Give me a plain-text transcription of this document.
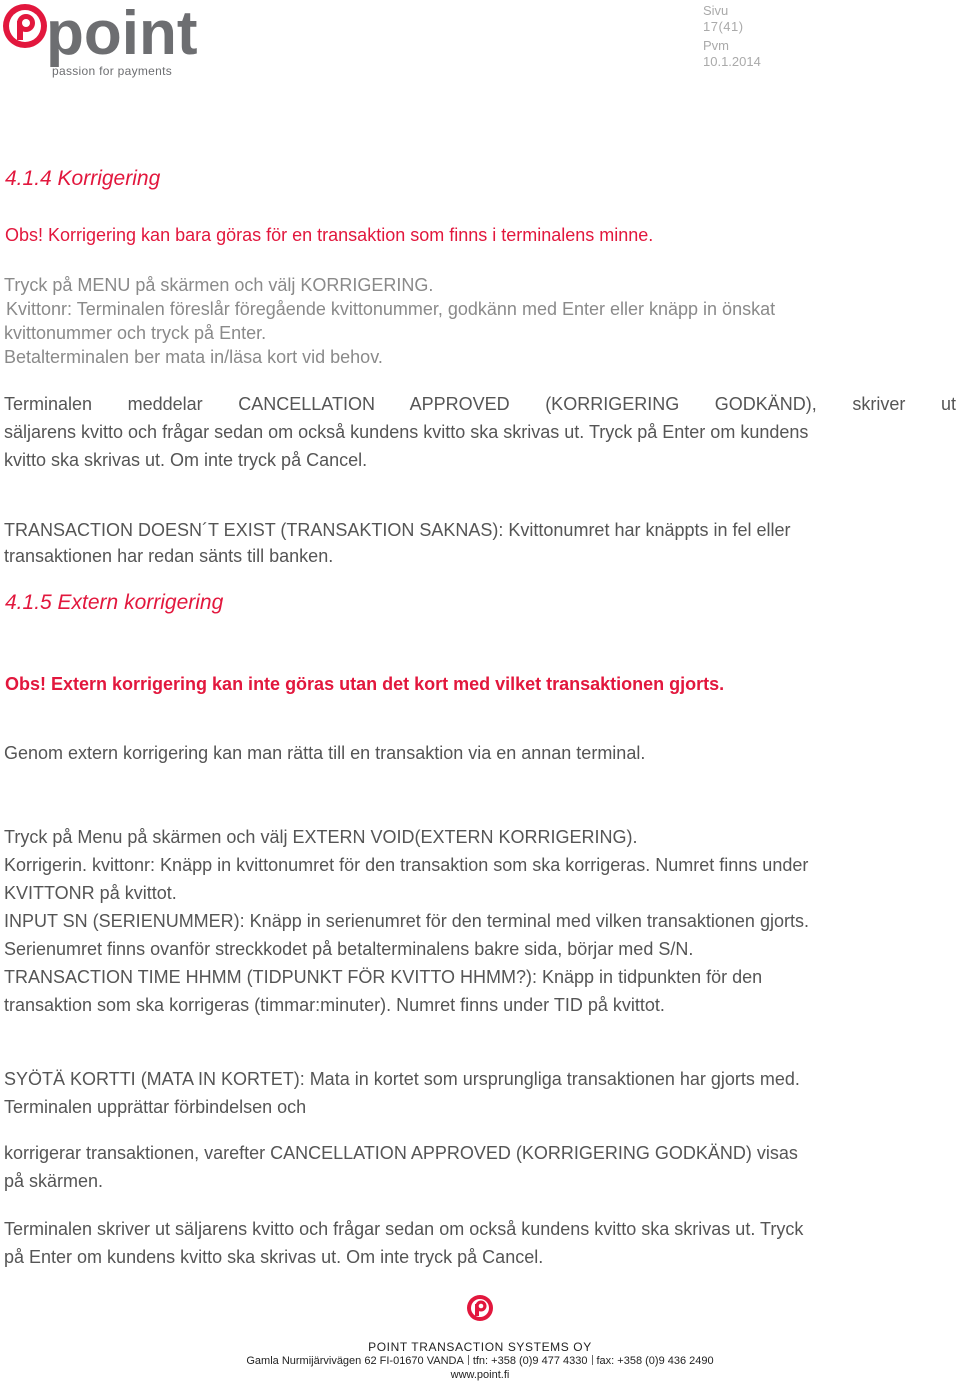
point
passion for payments
Sivu
17(41)
Pvm
10.1.2014
4.1.4 Korrigering
Obs! Korrigering kan bara göras för en transaktion som finns i terminalens minne.
Tryck på MENU på skärmen och välj KORRIGERING.
Kvittonr: Terminalen föreslår föregående kvittonummer, godkänn med Enter eller knäpp in önskat
kvittonummer och tryck på Enter.
Betalterminalen ber mata in/läsa kort vid behov.
Terminalen meddelar CANCELLATION APPROVED (KORRIGERING GODKÄND), skriver ut
säljarens kvitto och frågar sedan om också kundens kvitto ska skrivas ut. Tryck på Enter om kundens
kvitto ska skrivas ut. Om inte tryck på Cancel.
TRANSACTION DOESN´T EXIST (TRANSAKTION SAKNAS): Kvittonumret har knäppts in fel eller
transaktionen har redan sänts till banken.
4.1.5 Extern korrigering
Obs! Extern korrigering kan inte göras utan det kort med vilket transaktionen gjorts.
Genom extern korrigering kan man rätta till en transaktion via en annan terminal.
Tryck på Menu på skärmen och välj EXTERN VOID(EXTERN KORRIGERING).
Korrigerin. kvittonr: Knäpp in kvittonumret för den transaktion som ska korrigeras. Numret finns under
KVITTONR på kvittot.
INPUT SN (SERIENUMMER): Knäpp in serienumret för den terminal med vilken transaktionen gjorts.
Serienumret finns ovanför streckkodet på betalterminalens bakre sida, börjar med S/N.
TRANSACTION TIME HHMM (TIDPUNKT FÖR KVITTO HHMM?): Knäpp in tidpunkten för den
transaktion som ska korrigeras (timmar:minuter). Numret finns under TID på kvittot.
SYÖTÄ KORTTI (MATA IN KORTET): Mata in kortet som ursprungliga transaktionen har gjorts med.
Terminalen upprättar förbindelsen och
korrigerar transaktionen, varefter CANCELLATION APPROVED (KORRIGERING GODKÄND) visas
på skärmen.
Terminalen skriver ut säljarens kvitto och frågar sedan om också kundens kvitto ska skrivas ut. Tryck
på Enter om kundens kvitto ska skrivas ut. Om inte tryck på Cancel.
POINT TRANSACTION SYSTEMS OY
Gamla Nurmijärvivägen 62 FI-01670 VANDA tfn: +358 (0)9 477 4330 fax: +358 (0)9 436 2490
www.point.fi
